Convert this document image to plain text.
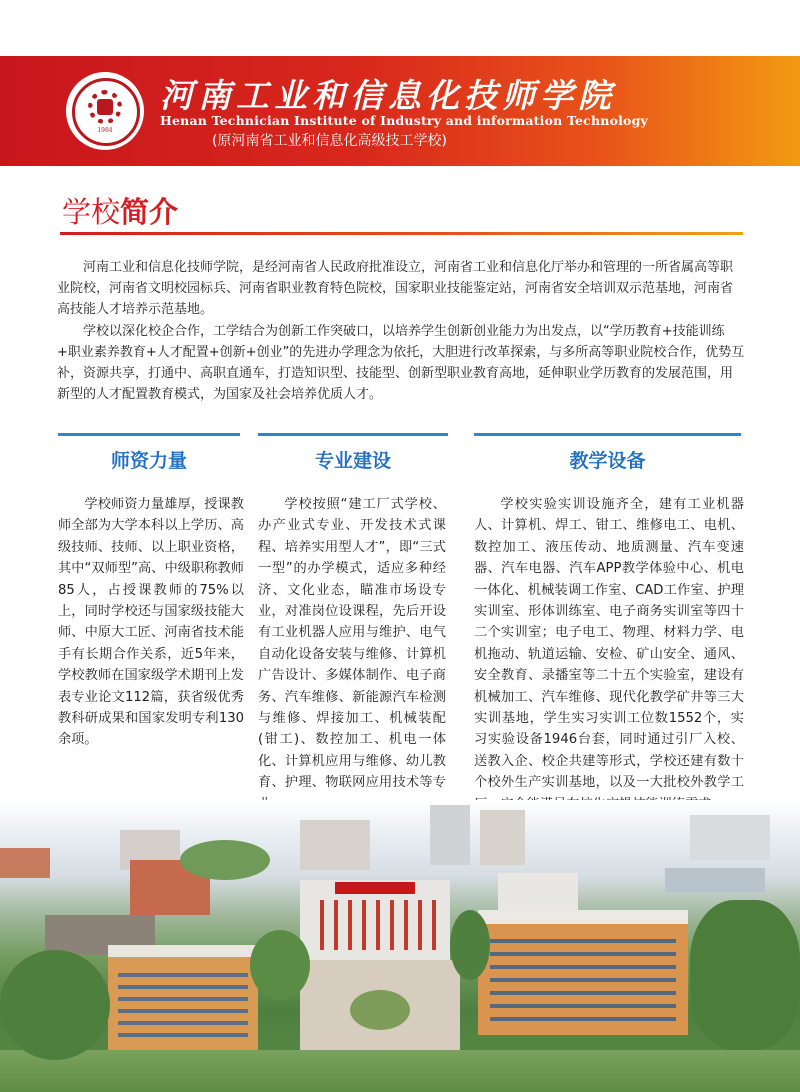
1984
河南工业和信息化技师学院
Henan Technician Institute of Industry and information Technology
(原河南省工业和信息化高级技工学校)
学校简介

河南工业和信息化技师学院，是经河南省人民政府批准设立，河南省工业和信息化厅举办和管理的一所省属高等职业院校，河南省文明校园标兵、河南省职业教育特色院校，国家职业技能鉴定站，河南省安全培训双示范基地，河南省高技能人才培养示范基地。

学校以深化校企合作，工学结合为创新工作突破口，以培养学生创新创业能力为出发点，以“学历教育+技能训练+职业素养教育+人才配置+创新+创业”的先进办学理念为依托，大胆进行改革探索，与多所高等职业院校合作，优势互补，资源共享，打通中、高职直通车，打造知识型、技能型、创新型职业教育高地，延伸职业学历教育的发展范围，用新型的人才配置教育模式，为国家及社会培养优质人才。

师资力量

学校师资力量雄厚，授课教师全部为大学本科以上学历、高级技师、技师、以上职业资格，其中“双师型”高、中级职称教师85人，占授课教师的75%以上，同时学校还与国家级技能大师、中原大工匠、河南省技术能手有长期合作关系，近5年来，学校教师在国家级学术期刊上发表专业论文112篇，获省级优秀教科研成果和国家发明专利130余项。

专业建设

学校按照“建工厂式学校、办产业式专业、开发技术式课程、培养实用型人才”，即“三式一型”的办学模式，适应多种经济、文化业态，瞄准市场设专业，对准岗位设课程，先后开设有工业机器人应用与维护、电气自动化设备安装与维修、计算机广告设计、多媒体制作、电子商务、汽车维修、新能源汽车检测与维修、焊接加工、机械装配(钳工)、数控加工、机电一体化、计算机应用与维修、幼儿教育、护理、物联网应用技术等专

教学设备

学校实验实训设施齐全，建有工业机器人、计算机、焊工、钳工、维修电工、电机、数控加工、液压传动、地质测量、汽车变速器、汽车电器、汽车APP教学体验中心、机电一体化、机械装调工作室、CAD工作室、护理实训室、形体训练室、电子商务实训室等四十二个实训室；电子电工、物理、材料力学、电机拖动、轨道运输、安检、矿山安全、通风、安全教育、录播室等二十五个实验室，建设有机械加工、汽车维修、现代化教学矿井等三大实训基地，学生实习实训工位数1552个，实习实验设备1946台套，同时通过引厂入校、送教入企、校企共建等形式，学校还建有数十个校外生产实训基地，以及一大批校外教学工
